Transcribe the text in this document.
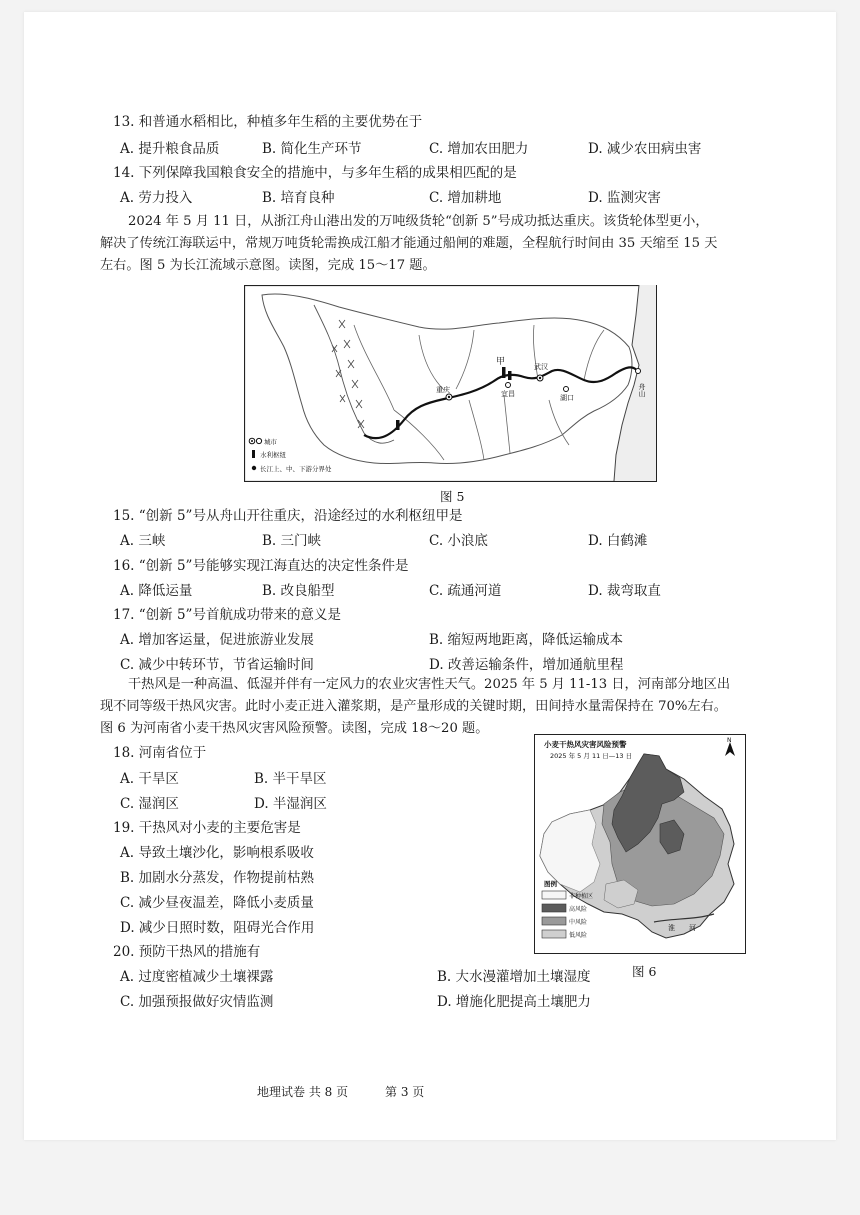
13. 和普通水稻相比，种植多年生稻的主要优势在于
A. 提升粮食品质	B. 简化生产环节	C. 增加农田肥力	D. 减少农田病虫害
14. 下列保障我国粮食安全的措施中，与多年生稻的成果相匹配的是
A. 劳力投入	B. 培育良种	C. 增加耕地	D. 监测灾害
2024 年 5 月 11 日，从浙江舟山港出发的万吨级货轮“创新 5”号成功抵达重庆。该货轮体型更小，
解决了传统江海联运中，常规万吨货轮需换成江船才能通过船闸的难题，全程航行时间由 35 天缩至 15 天
左右。图 5 为长江流域示意图。读图，完成 15～17 题。
甲	武汉
重庆	宜昌	湖口
舟山
城市
水利枢纽
长江上、中、下游分界处
图 5
15. “创新 5”号从舟山开往重庆，沿途经过的水利枢纽甲是
A. 三峡	B. 三门峡	C. 小浪底	D. 白鹤滩
16. “创新 5”号能够实现江海直达的决定性条件是
A. 降低运量	B. 改良船型	C. 疏通河道	D. 裁弯取直
17. “创新 5”号首航成功带来的意义是
A. 增加客运量，促进旅游业发展	B. 缩短两地距离，降低运输成本
C. 减少中转环节，节省运输时间	D. 改善运输条件，增加通航里程
干热风是一种高温、低湿并伴有一定风力的农业灾害性天气。2025 年 5 月 11-13 日，河南部分地区出
现不同等级干热风灾害。此时小麦正进入灌浆期，是产量形成的关键时期，田间持水量需保持在 70%左右。
图 6 为河南省小麦干热风灾害风险预警。读图，完成 18～20 题。
小麦干热风灾害风险预警
2025 年 5 月 11 日—13 日
N
淮　　河
图例
非种植区
高风险
中风险
低风险
图 6
18. 河南省位于
A. 干旱区	B. 半干旱区
C. 湿润区	D. 半湿润区
19. 干热风对小麦的主要危害是
A. 导致土壤沙化，影响根系吸收
B. 加剧水分蒸发，作物提前枯熟
C. 减少昼夜温差，降低小麦质量
D. 减少日照时数，阻碍光合作用
20. 预防干热风的措施有
A. 过度密植减少土壤裸露	B. 大水漫灌增加土壤湿度
C. 加强预报做好灾情监测	D. 增施化肥提高土壤肥力
地理试卷 共 8 页	第 3 页
